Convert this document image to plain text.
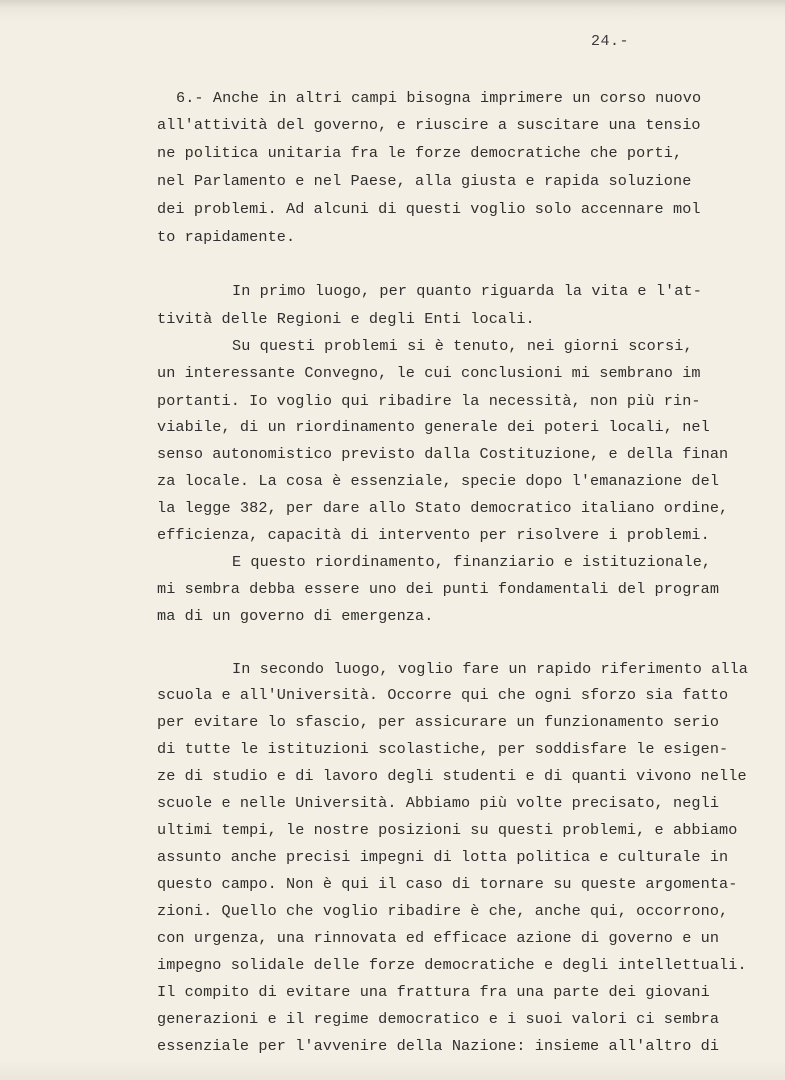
24.-
6.- Anche in altri campi bisogna imprimere un corso nuovo
all'attività del governo, e riuscire a suscitare una tensio
ne politica unitaria fra le forze democratiche che porti,
nel Parlamento e nel Paese, alla giusta e rapida soluzione
dei problemi. Ad alcuni di questi voglio solo accennare mol
to rapidamente.
In primo luogo, per quanto riguarda la vita e l'at-
tività delle Regioni e degli Enti locali.
Su questi problemi si è tenuto, nei giorni scorsi,
un interessante Convegno, le cui conclusioni mi sembrano im
portanti. Io voglio qui ribadire la necessità, non più rin-
viabile, di un riordinamento generale dei poteri locali, nel
senso autonomistico previsto dalla Costituzione, e della finan
za locale. La cosa è essenziale, specie dopo l'emanazione del
la legge 382, per dare allo Stato democratico italiano ordine,
efficienza, capacità di intervento per risolvere i problemi.
E questo riordinamento, finanziario e istituzionale,
mi sembra debba essere uno dei punti fondamentali del program
ma di un governo di emergenza.
In secondo luogo, voglio fare un rapido riferimento alla
scuola e all'Università. Occorre qui che ogni sforzo sia fatto
per evitare lo sfascio, per assicurare un funzionamento serio
di tutte le istituzioni scolastiche, per soddisfare le esigen-
ze di studio e di lavoro degli studenti e di quanti vivono nelle
scuole e nelle Università. Abbiamo più volte precisato, negli
ultimi tempi, le nostre posizioni su questi problemi, e abbiamo
assunto anche precisi impegni di lotta politica e culturale in
questo campo. Non è qui il caso di tornare su queste argomenta-
zioni. Quello che voglio ribadire è che, anche qui, occorrono,
con urgenza, una rinnovata ed efficace azione di governo e un
impegno solidale delle forze democratiche e degli intellettuali.
Il compito di evitare una frattura fra una parte dei giovani
generazioni e il regime democratico e i suoi valori ci sembra
essenziale per l'avvenire della Nazione: insieme all'altro di
